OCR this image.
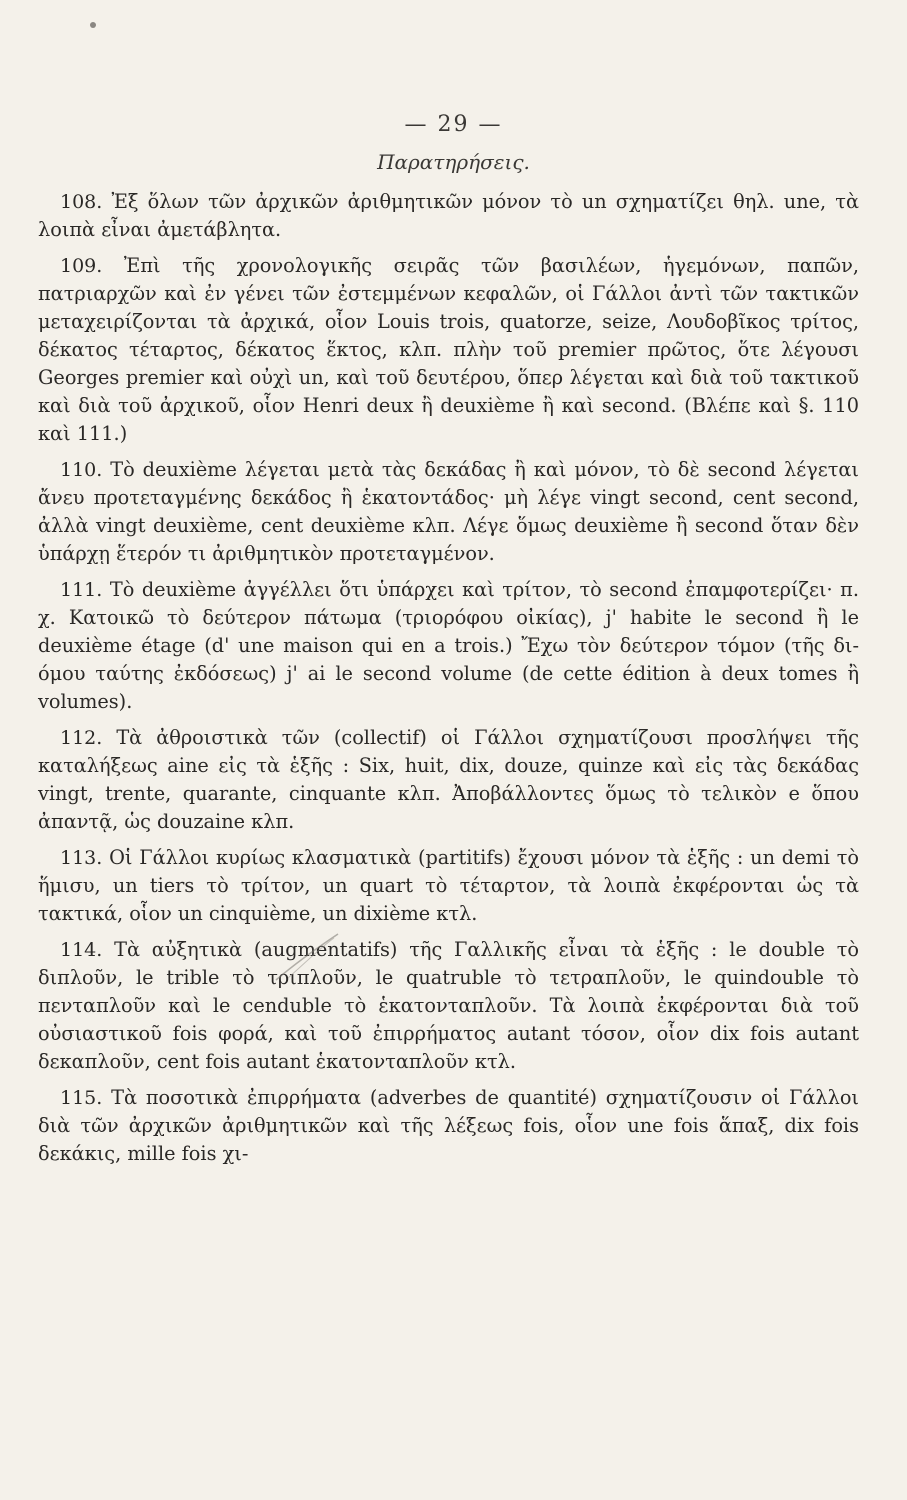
— 29 —
Παρατηρήσεις.

108. Ἐξ ὅλων τῶν ἀρχικῶν ἀριθμητικῶν μόνον τὸ un σχηματίζει θηλ. une, τὰ λοιπὰ εἶναι ἀμετάβλητα.

109. Ἐπὶ τῆς χρονολογικῆς σειρᾶς τῶν βασιλέων, ἡγεμόνων, παπῶν, πατριαρχῶν καὶ ἐν γένει τῶν ἐστεμμένων κεφαλῶν, οἱ Γάλλοι ἀντὶ τῶν τακτικῶν μεταχειρίζονται τὰ ἀρχικά, οἷον Louis trois, quatorze, seize, Λουδοβῖκος τρίτος, δέκατος τέταρτος, δέκατος ἕκτος, κλπ. πλὴν τοῦ premier πρῶτος, ὅτε λέγουσι Georges premier καὶ οὐχὶ un, καὶ τοῦ δευτέρου, ὅπερ λέγεται καὶ διὰ τοῦ τακτικοῦ καὶ διὰ τοῦ ἀρχικοῦ, οἷον Henri deux ἢ deuxième ἢ καὶ second. (Βλέπε καὶ §. 110 καὶ 111.)

110. Τὸ deuxième λέγεται μετὰ τὰς δεκάδας ἢ καὶ μόνον, τὸ δὲ second λέγεται ἄνευ προτεταγμένης δεκάδος ἢ ἑκατοντάδος· μὴ λέγε vingt second, cent second, ἀλλὰ vingt deuxième, cent deuxième κλπ. Λέγε ὅμως deuxième ἢ second ὅταν δὲν ὑπάρχῃ ἕτερόν τι ἀριθμητικὸν προτεταγμένον.

111. Τὸ deuxième ἀγγέλλει ὅτι ὑπάρχει καὶ τρίτον, τὸ second ἐπαμφοτερίζει· π. χ. Κατοικῶ τὸ δεύτερον πάτωμα (τριορόφου οἰκίας), j' habite le second ἢ le deuxième étage (d' une maison qui en a trois.) Ἔχω τὸν δεύτερον τόμον (τῆς δι-όμου ταύτης ἐκδόσεως) j' ai le second volume (de cette édition à deux tomes ἢ volumes).

112. Τὰ ἀθροιστικὰ τῶν (collectif) οἱ Γάλλοι σχηματίζουσι προσλήψει τῆς καταλήξεως aine εἰς τὰ ἑξῆς : Six, huit, dix, douze, quinze καὶ εἰς τὰς δεκάδας vingt, trente, quarante, cinquante κλπ. Ἀποβάλλοντες ὅμως τὸ τελικὸν e ὅπου ἀπαντᾷ, ὡς douzaine κλπ.

113. Οἱ Γάλλοι κυρίως κλασματικὰ (partitifs) ἔχουσι μόνον τὰ ἑξῆς : un demi τὸ ἥμισυ, un tiers τὸ τρίτον, un quart τὸ τέταρτον, τὰ λοιπὰ ἐκφέρονται ὡς τὰ τακτικά, οἷον un cinquième, un dixième κτλ.

114. Τὰ αὐξητικὰ (augmentatifs) τῆς Γαλλικῆς εἶναι τὰ ἑξῆς : le double τὸ διπλοῦν, le trible τὸ τριπλοῦν, le quatruble τὸ τετραπλοῦν, le quindouble τὸ πενταπλοῦν καὶ le cenduble τὸ ἑκατονταπλοῦν. Τὰ λοιπὰ ἐκφέρονται διὰ τοῦ οὐσιαστικοῦ fois φορά, καὶ τοῦ ἐπιρρήματος autant τόσον, οἷον dix fois autant δεκαπλοῦν, cent fois autant ἑκατονταπλοῦν κτλ.

115. Τὰ ποσοτικὰ ἐπιρρήματα (adverbes de quantité) σχηματίζουσιν οἱ Γάλλοι διὰ τῶν ἀρχικῶν ἀριθμητικῶν καὶ τῆς λέξεως fois, οἷον une fois ἅπαξ, dix fois δεκάκις, mille fois χι-
